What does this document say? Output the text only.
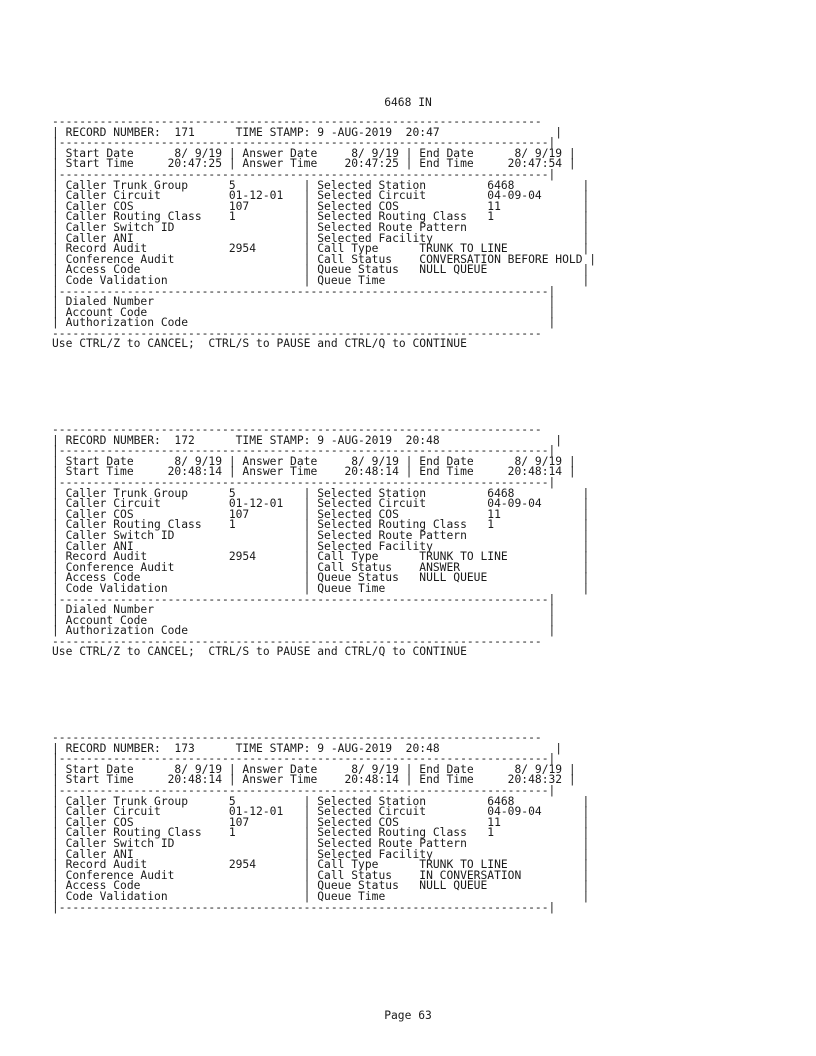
6468 IN
------------------------------------------------------------------------
| RECORD NUMBER:  171      TIME STAMP: 9 -AUG-2019  20:47                 |
|------------------------------------------------------------------------|
| Start Date      8/ 9/19 | Answer Date     8/ 9/19 | End Date      8/ 9/19 |
| Start Time     20:47:25 | Answer Time    20:47:25 | End Time     20:47:54 |
|------------------------------------------------------------------------|
| Caller Trunk Group      5          | Selected Station         6468          |
| Caller Circuit          01-12-01   | Selected Circuit         04-09-04      |
| Caller COS              107        | Selected COS             11            |
| Caller Routing Class    1          | Selected Routing Class   1             |
| Caller Switch ID                   | Selected Route Pattern                 |
| Caller ANI                         | Selected Facility                      |
| Record Audit            2954       | Call Type      TRUNK TO LINE           |
| Conference Audit                   | Call Status    CONVERSATION BEFORE HOLD |
| Access Code                        | Queue Status   NULL QUEUE              |
| Code Validation                    | Queue Time                             |
|------------------------------------------------------------------------|
| Dialed Number                                                          |
| Account Code                                                           |
| Authorization Code                                                     |
------------------------------------------------------------------------
Use CTRL/Z to CANCEL;  CTRL/S to PAUSE and CTRL/Q to CONTINUE
------------------------------------------------------------------------
| RECORD NUMBER:  172      TIME STAMP: 9 -AUG-2019  20:48                 |
|------------------------------------------------------------------------|
| Start Date      8/ 9/19 | Answer Date     8/ 9/19 | End Date      8/ 9/19 |
| Start Time     20:48:14 | Answer Time    20:48:14 | End Time     20:48:14 |
|------------------------------------------------------------------------|
| Caller Trunk Group      5          | Selected Station         6468          |
| Caller Circuit          01-12-01   | Selected Circuit         04-09-04      |
| Caller COS              107        | Selected COS             11            |
| Caller Routing Class    1          | Selected Routing Class   1             |
| Caller Switch ID                   | Selected Route Pattern                 |
| Caller ANI                         | Selected Facility                      |
| Record Audit            2954       | Call Type      TRUNK TO LINE           |
| Conference Audit                   | Call Status    ANSWER                  |
| Access Code                        | Queue Status   NULL QUEUE              |
| Code Validation                    | Queue Time                             |
|------------------------------------------------------------------------|
| Dialed Number                                                          |
| Account Code                                                           |
| Authorization Code                                                     |
------------------------------------------------------------------------
Use CTRL/Z to CANCEL;  CTRL/S to PAUSE and CTRL/Q to CONTINUE
------------------------------------------------------------------------
| RECORD NUMBER:  173      TIME STAMP: 9 -AUG-2019  20:48                 |
|------------------------------------------------------------------------|
| Start Date      8/ 9/19 | Answer Date     8/ 9/19 | End Date      8/ 9/19 |
| Start Time     20:48:14 | Answer Time    20:48:14 | End Time     20:48:32 |
|------------------------------------------------------------------------|
| Caller Trunk Group      5          | Selected Station         6468          |
| Caller Circuit          01-12-01   | Selected Circuit         04-09-04      |
| Caller COS              107        | Selected COS             11            |
| Caller Routing Class    1          | Selected Routing Class   1             |
| Caller Switch ID                   | Selected Route Pattern                 |
| Caller ANI                         | Selected Facility                      |
| Record Audit            2954       | Call Type      TRUNK TO LINE           |
| Conference Audit                   | Call Status    IN CONVERSATION         |
| Access Code                        | Queue Status   NULL QUEUE              |
| Code Validation                    | Queue Time                             |
|------------------------------------------------------------------------|
Page 63
